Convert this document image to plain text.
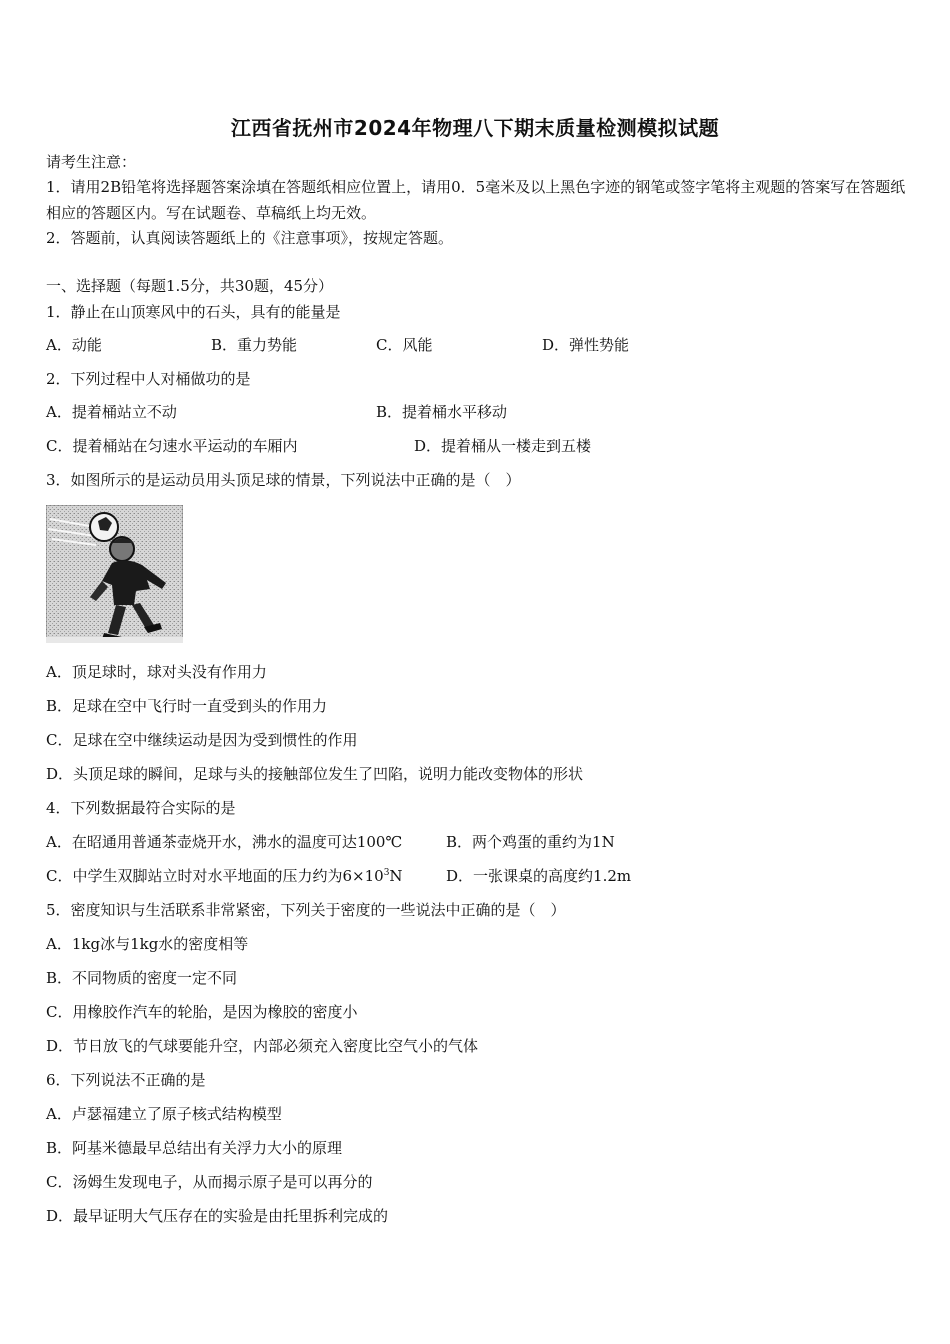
江西省抚州市2024年物理八下期末质量检测模拟试题
请考生注意：
1．请用2B铅笔将选择题答案涂填在答题纸相应位置上，请用0．5毫米及以上黑色字迹的钢笔或签字笔将主观题的答案写在答题纸相应的答题区内。写在试题卷、草稿纸上均无效。
2．答题前，认真阅读答题纸上的《注意事项》，按规定答题。
一、选择题（每题1.5分，共30题，45分）
1．静止在山顶寒风中的石头，具有的能量是
A．动能	B．重力势能	C．风能	D．弹性势能
2．下列过程中人对桶做功的是
A．提着桶站立不动	B．提着桶水平移动
C．提着桶站在匀速水平运动的车厢内	D．提着桶从一楼走到五楼
3．如图所示的是运动员用头顶足球的情景，下列说法中正确的是（　）
A．顶足球时，球对头没有作用力
B．足球在空中飞行时一直受到头的作用力
C．足球在空中继续运动是因为受到惯性的作用
D．头顶足球的瞬间，足球与头的接触部位发生了凹陷，说明力能改变物体的形状
4．下列数据最符合实际的是
A．在昭通用普通茶壶烧开水，沸水的温度可达100℃	B．两个鸡蛋的重约为1N
C．中学生双脚站立时对水平地面的压力约为$6\times 10^3N$	D．一张课桌的高度约1.2m
5．密度知识与生活联系非常紧密，下列关于密度的一些说法中正确的是（　）
A．1kg冰与1kg水的密度相等
B．不同物质的密度一定不同
C．用橡胶作汽车的轮胎，是因为橡胶的密度小
D．节日放飞的气球要能升空，内部必须充入密度比空气小的气体
6．下列说法不正确的是
A．卢瑟福建立了原子核式结构模型
B．阿基米德最早总结出有关浮力大小的原理
C．汤姆生发现电子，从而揭示原子是可以再分的
D．最早证明大气压存在的实验是由托里拆利完成的
